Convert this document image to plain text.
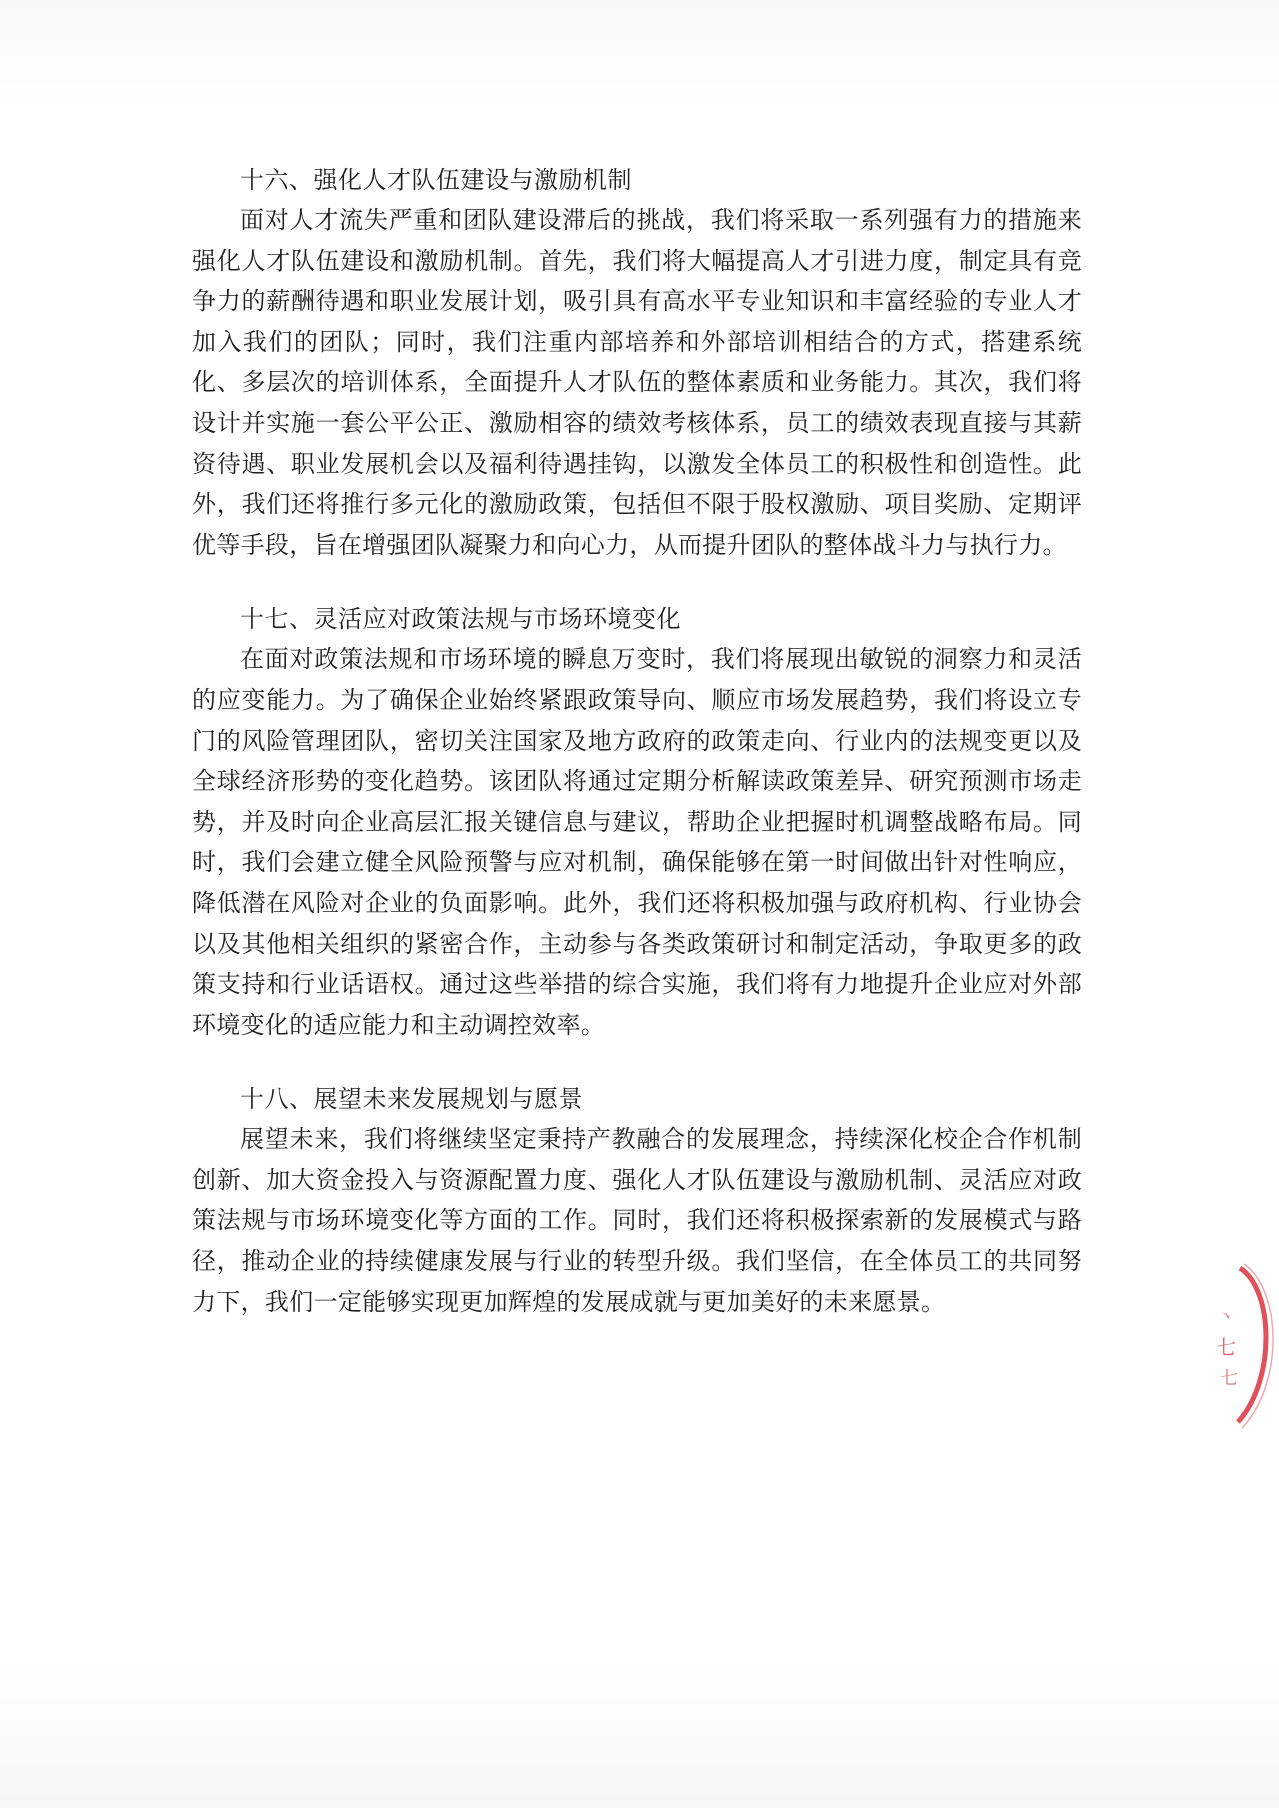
十六、强化人才队伍建设与激励机制

面对人才流失严重和团队建设滞后的挑战，我们将采取一系列强有力的措施来强化人才队伍建设和激励机制。首先，我们将大幅提高人才引进力度，制定具有竞争力的薪酬待遇和职业发展计划，吸引具有高水平专业知识和丰富经验的专业人才加入我们的团队；同时，我们注重内部培养和外部培训相结合的方式，搭建系统化、多层次的培训体系，全面提升人才队伍的整体素质和业务能力。其次，我们将设计并实施一套公平公正、激励相容的绩效考核体系，员工的绩效表现直接与其薪资待遇、职业发展机会以及福利待遇挂钩，以激发全体员工的积极性和创造性。此外，我们还将推行多元化的激励政策，包括但不限于股权激励、项目奖励、定期评优等手段，旨在增强团队凝聚力和向心力，从而提升团队的整体战斗力与执行力。

十七、灵活应对政策法规与市场环境变化

在面对政策法规和市场环境的瞬息万变时，我们将展现出敏锐的洞察力和灵活的应变能力。为了确保企业始终紧跟政策导向、顺应市场发展趋势，我们将设立专门的风险管理团队，密切关注国家及地方政府的政策走向、行业内的法规变更以及全球经济形势的变化趋势。该团队将通过定期分析解读政策差异、研究预测市场走势，并及时向企业高层汇报关键信息与建议，帮助企业把握时机调整战略布局。同时，我们会建立健全风险预警与应对机制，确保能够在第一时间做出针对性响应，降低潜在风险对企业的负面影响。此外，我们还将积极加强与政府机构、行业协会以及其他相关组织的紧密合作，主动参与各类政策研讨和制定活动，争取更多的政策支持和行业话语权。通过这些举措的综合实施，我们将有力地提升企业应对外部环境变化的适应能力和主动调控效率。

十八、展望未来发展规划与愿景

展望未来，我们将继续坚定秉持产教融合的发展理念，持续深化校企合作机制创新、加大资金投入与资源配置力度、强化人才队伍建设与激励机制、灵活应对政策法规与市场环境变化等方面的工作。同时，我们还将积极探索新的发展模式与路径，推动企业的持续健康发展与行业的转型升级。我们坚信，在全体员工的共同努力下，我们一定能够实现更加辉煌的发展成就与更加美好的未来愿景。

丶
七
七
